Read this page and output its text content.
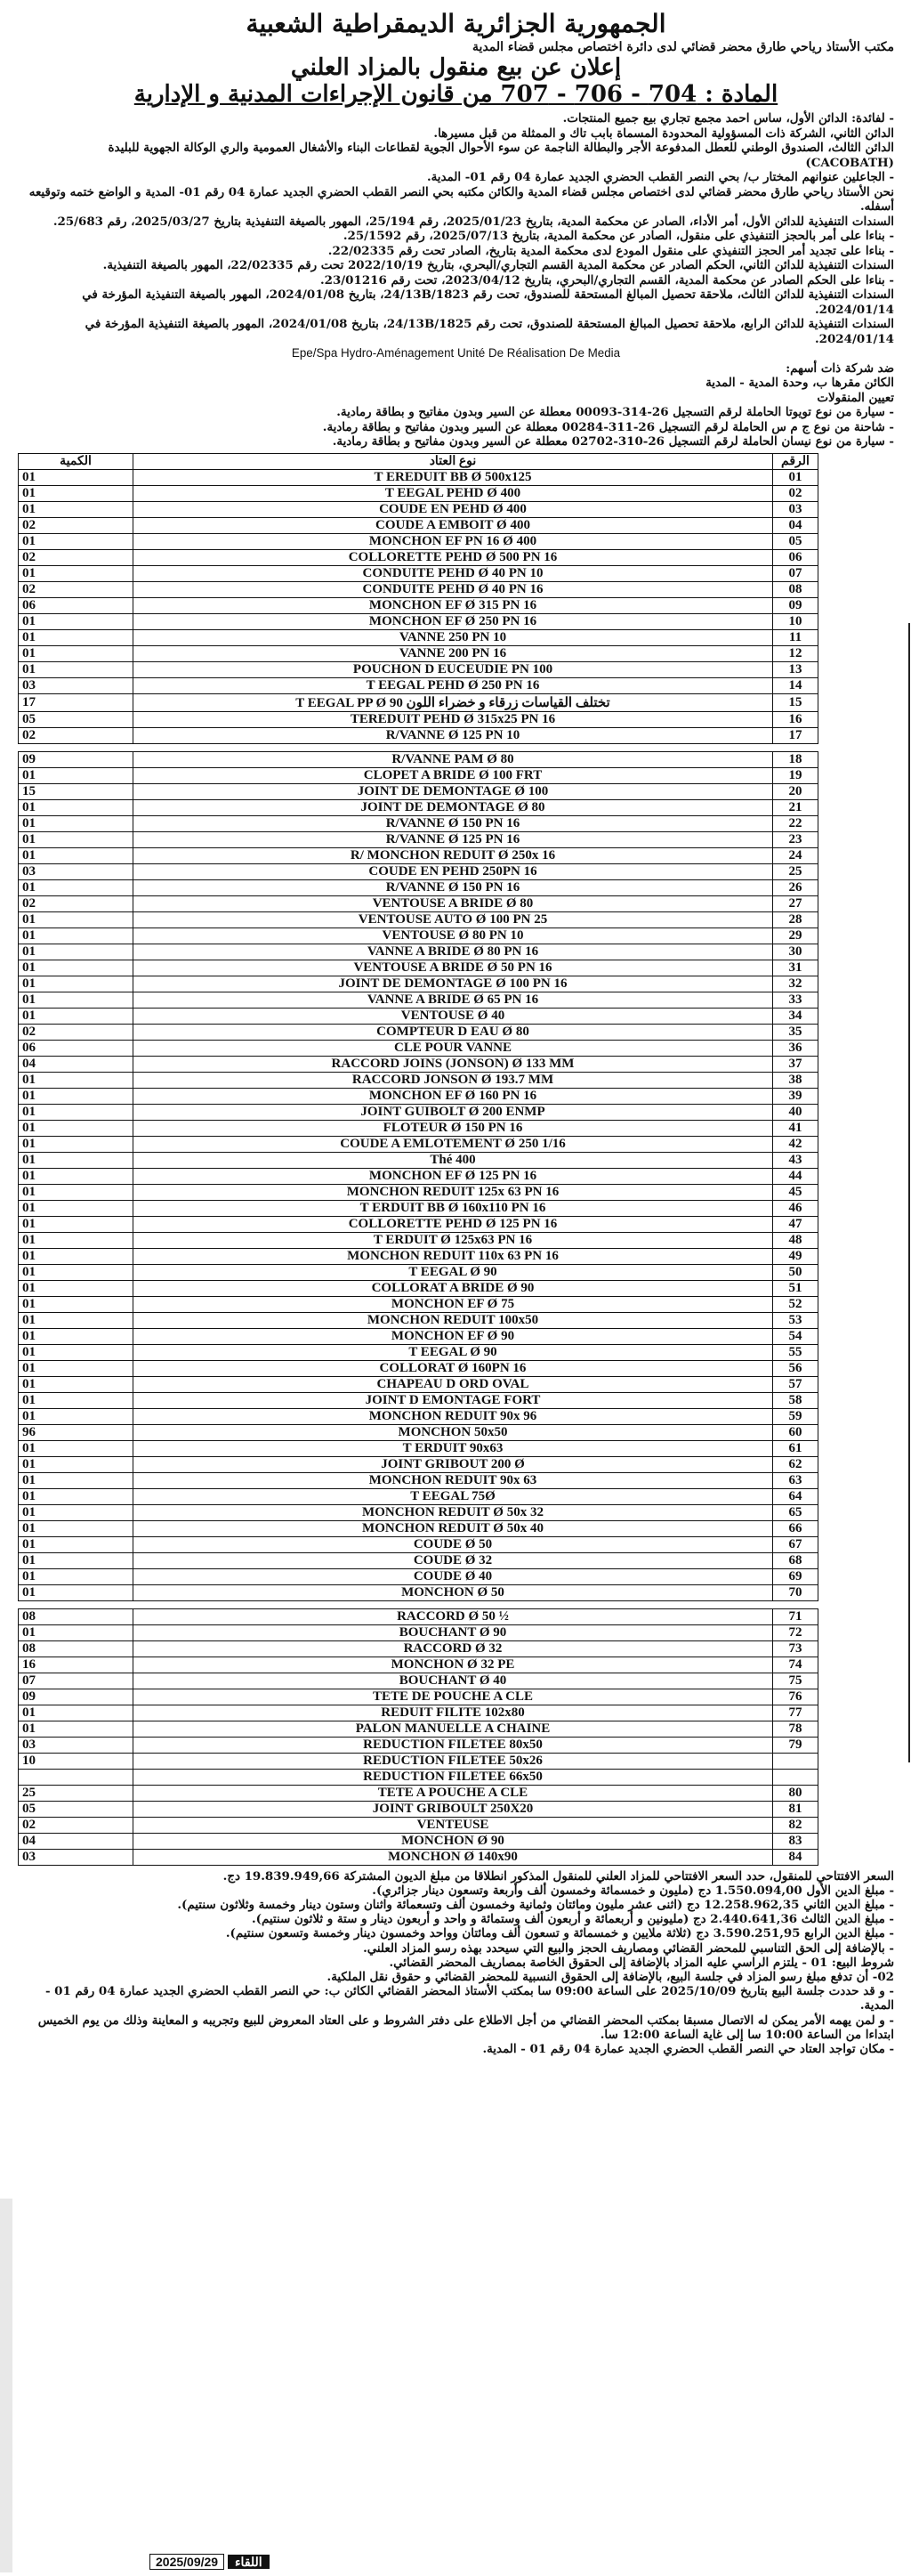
الجمهورية الجزائرية الديمقراطية الشعبية

مكتب الأستاذ رياحي طارق محضر قضائي لدى دائرة اختصاص مجلس قضاء المدية

إعلان عن بيع منقول بالمزاد العلني
المادة : 704 - 706 - 707 من قانون الإجراءات المدنية و الإدارية

- لفائدة: الدائن الأول، ساس احمد مجمع تجاري بيع جميع المنتجات.

الدائن الثاني، الشركة ذات المسؤولية المحدودة المسماة بابب تاك و الممثلة من قبل مسيرها.

الدائن الثالث، الصندوق الوطني للعطل المدفوعة الأجر والبطالة الناجمة عن سوء الأحوال الجوية لقطاعات البناء والأشغال العمومية والري الوكالة الجهوية للبليدة (CACOBATH)

- الجاعلين عنوانهم المختار ب/ بحي النصر القطب الحضري الجديد عمارة 04 رقم 01- المدية.

نحن الأستاذ رياحي طارق محضر قضائي لدى اختصاص مجلس قضاء المدية والكائن مكتبه بحي النصر القطب الحضري الجديد عمارة 04 رقم 01- المدية و الواضع ختمه وتوقيعه أسفله.

السندات التنفيذية للدائن الأول، أمر الأداء، الصادر عن محكمة المدية، بتاريخ 2025/01/23، رقم 25/194، المهور بالصيغة التنفيذية بتاريخ 2025/03/27، رقم 25/683.

- بناءا على أمر بالحجز التنفيذي على منقول، الصادر عن محكمة المدية، بتاريخ 2025/07/13، رقم 25/1592.

- بناءا على تجديد أمر الحجز التنفيذي على منقول المودع لدى محكمة المدية بتاريخ، الصادر تحت رقم 22/02335.

السندات التنفيذية للدائن الثاني، الحكم الصادر عن محكمة المدية القسم التجاري/البحري، بتاريخ 2022/10/19 تحت رقم 22/02335، المهور بالصيغة التنفيذية.

- بناءا على الحكم الصادر عن محكمة المدية، القسم التجاري/البحري، بتاريخ 2023/04/12، تحت رقم 23/01216.

السندات التنفيذية للدائن الثالث، ملاحقة تحصيل المبالغ المستحقة للصندوق، تحت رقم 24/13B/1823، بتاريخ 2024/01/08، المهور بالصيغة التنفيذية المؤرخة في 2024/01/14.

السندات التنفيذية للدائن الرابع، ملاحقة تحصيل المبالغ المستحقة للصندوق، تحت رقم 24/13B/1825، بتاريخ 2024/01/08، المهور بالصيغة التنفيذية المؤرخة في 2024/01/14.

Epe/Spa Hydro-Aménagement Unité De Réalisation De Media

ضد شركة ذات أسهم:

الكائن مقرها ب، وحدة المدية - المدية

تعيين المنقولات

- سيارة من نوع تويوتا الحاملة لرقم التسجيل 26-314-00093 معطلة عن السير وبدون مفاتيح و بطاقة رمادية.

- شاحنة من نوع ج م س الحاملة لرقم التسجيل 26-311-00284 معطلة عن السير وبدون مفاتيح و بطاقة رمادية.

- سيارة من نوع نيسان الحاملة لرقم التسجيل 26-310-02702 معطلة عن السير وبدون مفاتيح و بطاقة رمادية.

الرقم	نوع العتاد	الكمية
01	T EREDUIT BB Ø 500x125	01
02	T EEGAL PEHD Ø 400	01
03	COUDE EN PEHD Ø 400	01
04	COUDE A EMBOIT Ø 400	02
05	MONCHON EF PN 16 Ø 400	01
06	COLLORETTE PEHD Ø 500 PN 16	02
07	CONDUITE PEHD Ø 40 PN 10	01
08	CONDUITE PEHD Ø 40 PN 16	02
09	MONCHON EF Ø 315 PN 16	06
10	MONCHON EF Ø 250 PN 16	01
11	VANNE 250 PN 10	01
12	VANNE 200 PN 16	01
13	POUCHON D EUCEUDIE PN 100	01
14	T EEGAL PEHD Ø 250 PN 16	03
15	T EEGAL PP Ø 90 تختلف القياسات زرقاء و خضراء اللون	17
16	TEREDUIT PEHD Ø 315x25 PN 16	05
17	R/VANNE Ø 125 PN 10	02

18	R/VANNE PAM Ø 80	09
19	CLOPET A BRIDE Ø 100 FRT	01
20	JOINT DE DEMONTAGE Ø 100	15
21	JOINT DE DEMONTAGE Ø 80	01
22	R/VANNE Ø 150 PN 16	01
23	R/VANNE Ø 125 PN 16	01
24	R/ MONCHON REDUIT Ø 250x 16	01
25	COUDE EN PEHD 250PN 16	03
26	R/VANNE Ø 150 PN 16	01
27	VENTOUSE A BRIDE Ø 80	02
28	VENTOUSE AUTO Ø 100 PN 25	01
29	VENTOUSE Ø 80 PN 10	01
30	VANNE A BRIDE Ø 80 PN 16	01
31	VENTOUSE A BRIDE Ø 50 PN 16	01
32	JOINT DE DEMONTAGE Ø 100 PN 16	01
33	VANNE A BRIDE Ø 65 PN 16	01
34	VENTOUSE Ø 40	01
35	COMPTEUR D EAU Ø 80	02
36	CLE POUR VANNE	06
37	RACCORD JOINS (JONSON) Ø 133 MM	04
38	RACCORD JONSON Ø 193.7 MM	01
39	MONCHON EF Ø 160 PN 16	01
40	JOINT GUIBOLT Ø 200 ENMP	01
41	FLOTEUR Ø 150 PN 16	01
42	COUDE A EMLOTEMENT Ø 250 1/16	01
43	Thé 400	01
44	MONCHON EF Ø 125 PN 16	01
45	MONCHON REDUIT 125x 63 PN 16	01
46	T ERDUIT BB Ø 160x110 PN 16	01
47	COLLORETTE PEHD Ø 125 PN 16	01
48	T ERDUIT Ø 125x63 PN 16	01
49	MONCHON REDUIT 110x 63 PN 16	01
50	T EEGAL Ø 90	01
51	COLLORAT A BRIDE Ø 90	01
52	MONCHON EF Ø 75	01
53	MONCHON REDUIT 100x50	01
54	MONCHON EF Ø 90	01
55	T EEGAL Ø 90	01
56	COLLORAT Ø 160PN 16	01
57	CHAPEAU D ORD OVAL	01
58	JOINT D EMONTAGE FORT	01
59	MONCHON REDUIT 90x 96	01
60	MONCHON 50x50	96
61	T ERDUIT 90x63	01
62	JOINT GRIBOUT 200 Ø	01
63	MONCHON REDUIT 90x 63	01
64	T EEGAL 75Ø	01
65	MONCHON REDUIT Ø 50x 32	01
66	MONCHON REDUIT Ø 50x 40	01
67	COUDE Ø 50	01
68	COUDE Ø 32	01
69	COUDE Ø 40	01
70	MONCHON Ø 50	01

71	RACCORD Ø 50 ½	08
72	BOUCHANT Ø 90	01
73	RACCORD Ø 32	08
74	MONCHON Ø 32 PE	16
75	BOUCHANT Ø 40	07
76	TETE DE POUCHE A CLE	09
77	REDUIT FILITE 102x80	01
78	PALON MANUELLE A CHAINE	01
79	REDUCTION FILETEE 80x50	03
	REDUCTION FILETEE 50x26	10
	REDUCTION FILETEE 66x50	
80	TETE A POUCHE A CLE	25
81	JOINT GRIBOULT 250X20	05
82	VENTEUSE	02
83	MONCHON Ø 90	04
84	MONCHON Ø 140x90	03

السعر الافتتاحي للمنقول، حدد السعر الافتتاحي للمزاد العلني للمنقول المذكور انطلاقا من مبلغ الديون المشتركة 19.839.949,66 دج.

- مبلغ الدين الأول 1.550.094,00 دج (مليون و خمسمائة وخمسون ألف وأربعة وتسعون دينار جزائري).

- مبلغ الدين الثاني 12.258.962,35 دج (اثنى عشر مليون ومائتان وثمانية وخمسون ألف وتسعمائة واثنان وستون دينار وخمسة وثلاثون سنتيم).

- مبلغ الدين الثالث 2.440.641,36 دج (مليونين و أربعمائة و أربعون ألف وستمائة و واحد و أربعون دينار و ستة و ثلاثون سنتيم).

- مبلغ الدين الرابع 3.590.251,95 دج (ثلاثة ملايين و خمسمائة و تسعون ألف ومائتان وواحد وخمسون دينار وخمسة وتسعون سنتيم).

- بالإضافة إلى الحق التناسبي للمحضر القضائي ومصاريف الحجز والبيع التي سيحدد بهذه رسو المزاد العلني.

شروط البيع: 01 - يلتزم الراسي عليه المزاد بالإضافة إلى الحقوق الخاصة بمصاريف المحضر القضائي.

02- أن تدفع مبلغ رسو المزاد في جلسة البيع، بالإضافة إلى الحقوق النسبية للمحضر القضائي و حقوق نقل الملكية.

- و قد حددت جلسة البيع بتاريخ 2025/10/09 على الساعة 09:00 سا بمكتب الأستاذ المحضر القضائي الكائن ب: حي النصر القطب الحضري الجديد عمارة 04 رقم 01 - المدية.

- و لمن يهمه الأمر يمكن له الاتصال مسبقا بمكتب المحضر القضائي من أجل الاطلاع على دفتر الشروط و على العتاد المعروض للبيع وتجريبه و المعاينة وذلك من يوم الخميس ابتداءا من الساعة 10:00 سا إلى غاية الساعة 12:00 سا.

- مكان تواجد العتاد حي النصر القطب الحضري الجديد عمارة 04 رقم 01 - المدية.

اللقاء 2025/09/29
